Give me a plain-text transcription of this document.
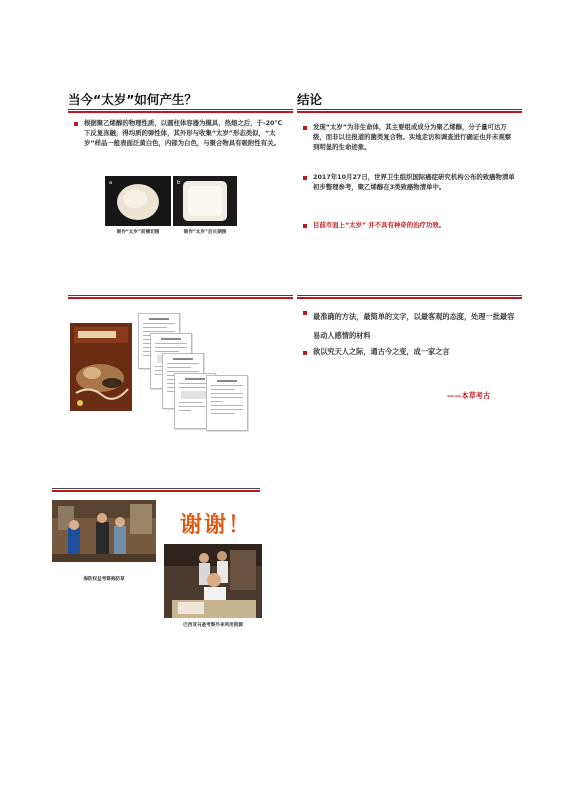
当今“太岁”如何产生？
根据聚乙烯醇的物理性质，以圆柱体容器为模具，热熔之后，于-20℃下反复冻融，得均质的弹性体，其外形与收集“太岁”形态类似，“太岁”样品一般表面泛黄白色，内部为白色，与聚合物具有吸附性有关。
a	b
制作“太岁”前横切图	制作“太岁”后长期图
结论
发现“太岁”为非生命体，其主要组成成分为聚乙烯醇，分子量可达万级，而非以往报道的菌类复合物。实地走访和调查进行确证也并未观察到明显的生命迹象。
2017年10月27日，世界卫生组织国际癌症研究机构公布的致癌物清单初步整理参考，聚乙烯醇在3类致癌物清单中。
目前市面上“太岁” 并不具有神奇的治疗功效。
最准确的方法，最简单的文字，以最客观的态度，处理一批最容易动人感情的材料
欲以究天人之际，通古今之变，成一家之言
——本草考古
海防权益考察海防草
谢谢！
巴西亚马逊考察外来利用资源
